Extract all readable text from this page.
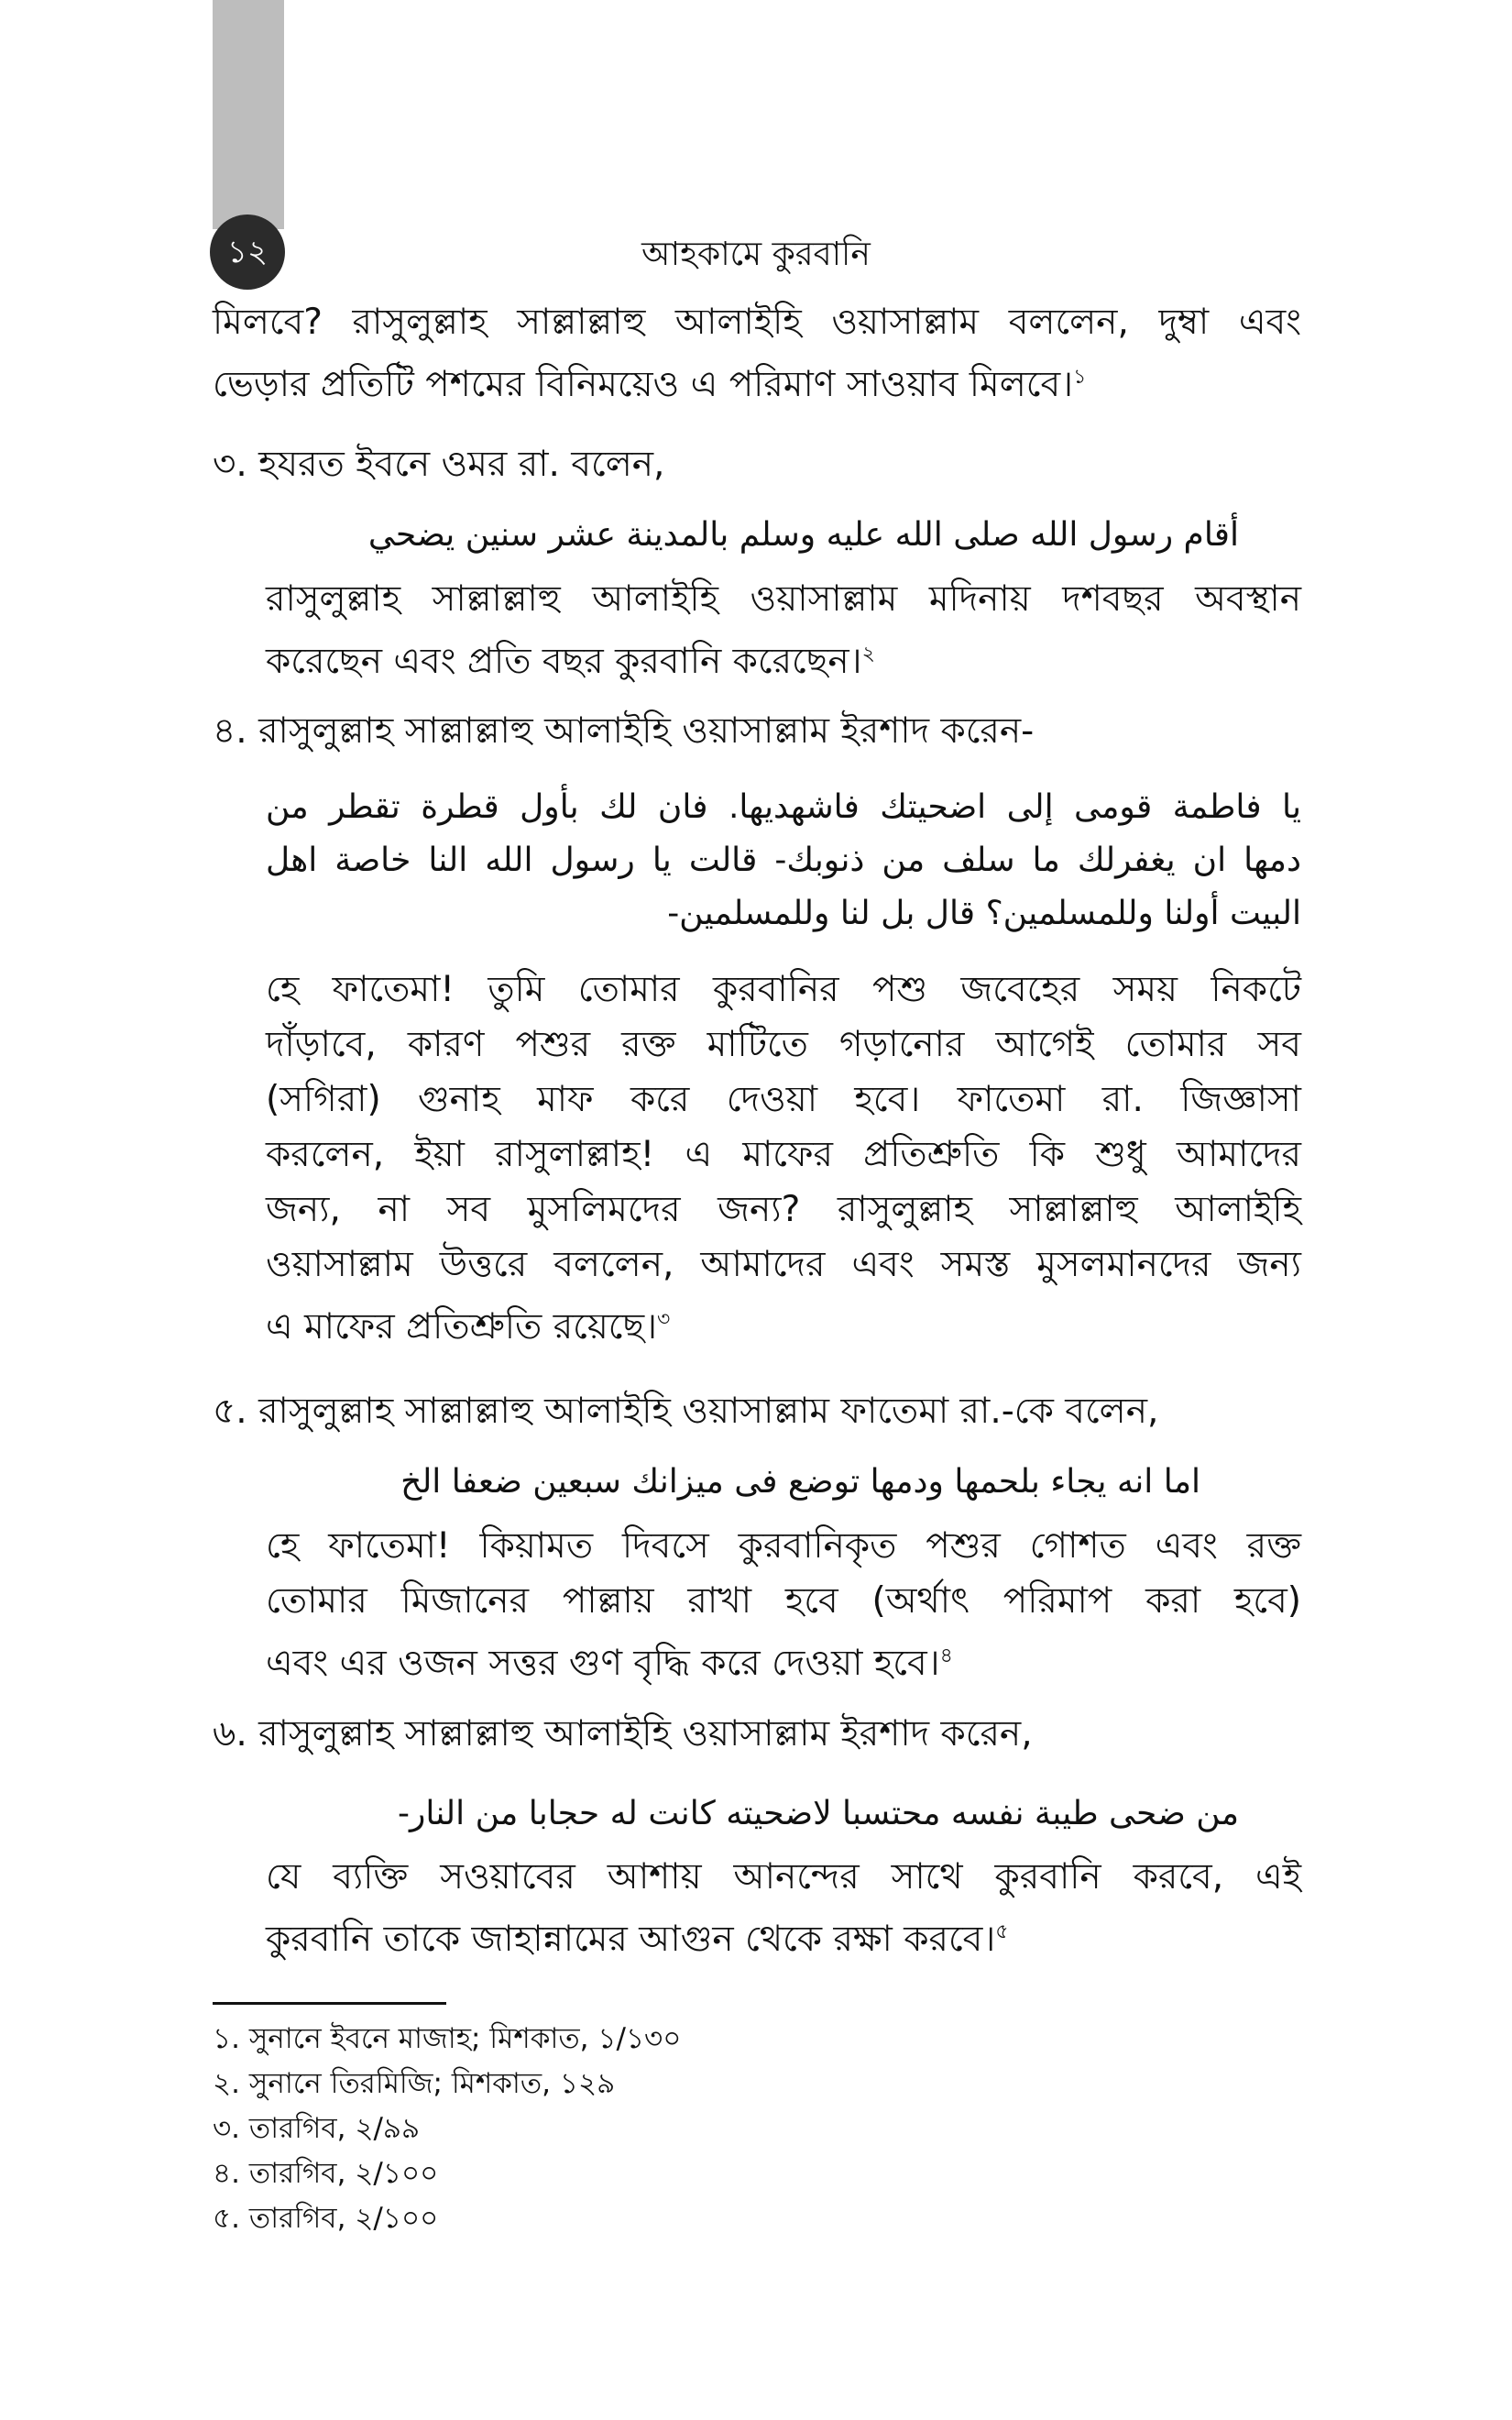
১২	আহকামে কুরবানি
মিলবে? রাসুলুল্লাহ সাল্লাল্লাহু আলাইহি ওয়াসাল্লাম বললেন, দুম্বা এবং
ভেড়ার প্রতিটি পশমের বিনিময়েও এ পরিমাণ সাওয়াব মিলবে।$^১$
৩. হযরত ইবনে ওমর রা. বলেন,
أقام رسول الله صلى الله عليه وسلم بالمدينة عشر سنين يضحي
রাসুলুল্লাহ সাল্লাল্লাহু আলাইহি ওয়াসাল্লাম মদিনায় দশবছর অবস্থান
করেছেন এবং প্রতি বছর কুরবানি করেছেন।$^২$
৪. রাসুলুল্লাহ সাল্লাল্লাহু আলাইহি ওয়াসাল্লাম ইরশাদ করেন-
يا فاطمة قومى إلى اضحيتك فاشهديها. فان لك بأول قطرة تقطر من
دمها ان يغفرلك ما سلف من ذنوبك- قالت يا رسول الله النا خاصة اهل
البيت أولنا وللمسلمين؟ قال بل لنا وللمسلمين-
হে ফাতেমা! তুমি তোমার কুরবানির পশু জবেহের সময় নিকটে
দাঁড়াবে, কারণ পশুর রক্ত মাটিতে গড়ানোর আগেই তোমার সব
(সগিরা) গুনাহ মাফ করে দেওয়া হবে। ফাতেমা রা. জিজ্ঞাসা
করলেন, ইয়া রাসুলাল্লাহ! এ মাফের প্রতিশ্রুতি কি শুধু আমাদের
জন্য, না সব মুসলিমদের জন্য? রাসুলুল্লাহ সাল্লাল্লাহু আলাইহি
ওয়াসাল্লাম উত্তরে বললেন, আমাদের এবং সমস্ত মুসলমানদের জন্য
এ মাফের প্রতিশ্রুতি রয়েছে।$^৩$
৫. রাসুলুল্লাহ সাল্লাল্লাহু আলাইহি ওয়াসাল্লাম ফাতেমা রা.-কে বলেন,
اما انه يجاء بلحمها ودمها توضع فى ميزانك سبعين ضعفا الخ
হে ফাতেমা! কিয়ামত দিবসে কুরবানিকৃত পশুর গোশত এবং রক্ত
তোমার মিজানের পাল্লায় রাখা হবে (অর্থাৎ পরিমাপ করা হবে)
এবং এর ওজন সত্তর গুণ বৃদ্ধি করে দেওয়া হবে।$^৪$
৬. রাসুলুল্লাহ সাল্লাল্লাহু আলাইহি ওয়াসাল্লাম ইরশাদ করেন,
من ضحى طيبة نفسه محتسبا لاضحيته كانت له حجابا من النار-
যে ব্যক্তি সওয়াবের আশায় আনন্দের সাথে কুরবানি করবে, এই
কুরবানি তাকে জাহান্নামের আগুন থেকে রক্ষা করবে।$^৫$
১. সুনানে ইবনে মাজাহ; মিশকাত, ১/১৩০
২. সুনানে তিরমিজি; মিশকাত, ১২৯
৩. তারগিব, ২/৯৯
৪. তারগিব, ২/১০০
৫. তারগিব, ২/১০০
